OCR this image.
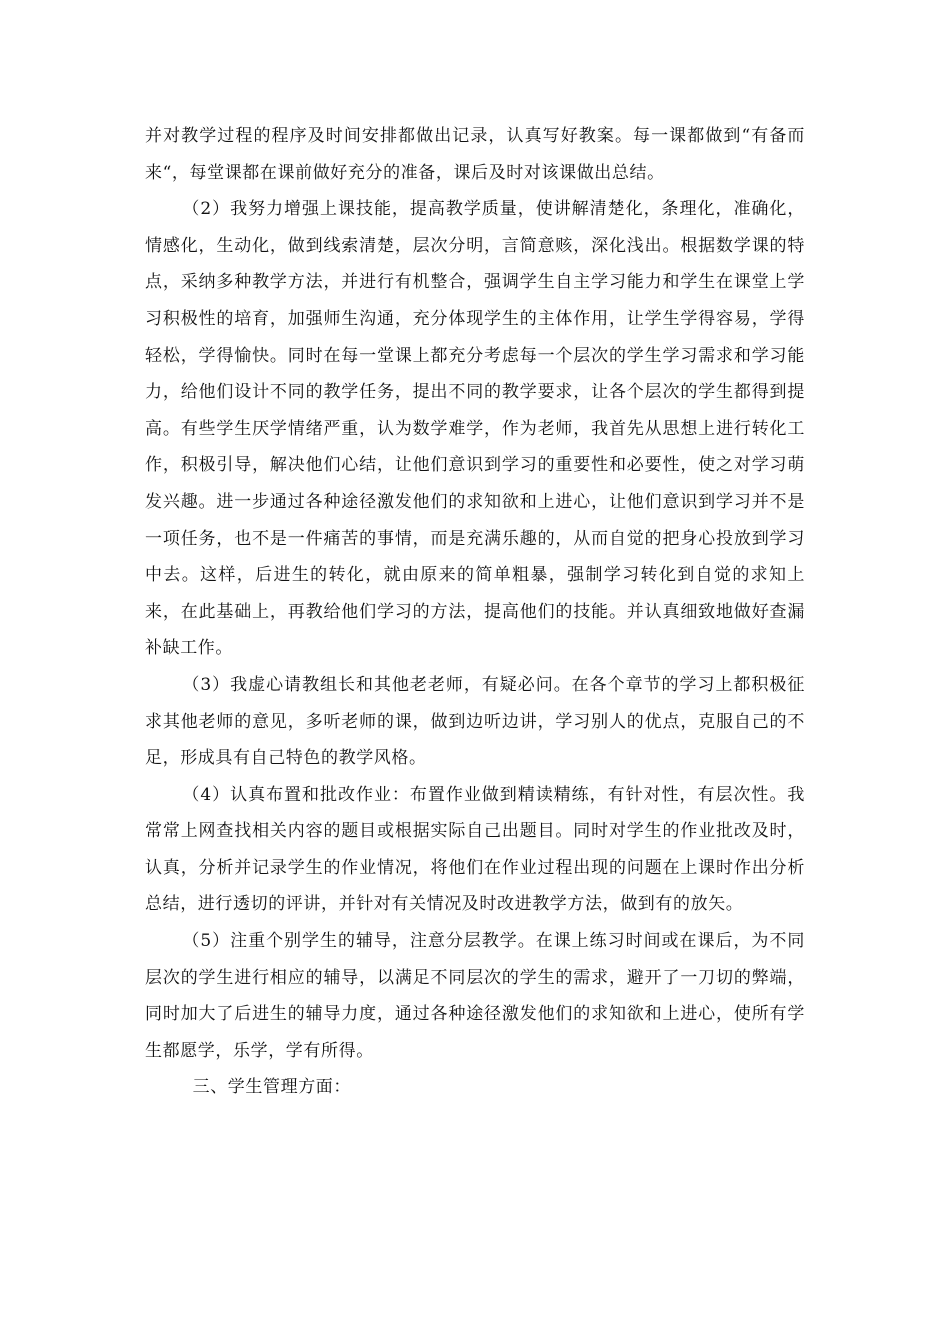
并对教学过程的程序及时间安排都做出记录，认真写好教案。每一课都做到“有备而来“，每堂课都在课前做好充分的准备，课后及时对该课做出总结。

（2）我努力增强上课技能，提高教学质量，使讲解清楚化，条理化，准确化，情感化，生动化，做到线索清楚，层次分明，言简意赅，深化浅出。根据数学课的特点，采纳多种教学方法，并进行有机整合，强调学生自主学习能力和学生在课堂上学习积极性的培育，加强师生沟通，充分体现学生的主体作用，让学生学得容易，学得轻松，学得愉快。同时在每一堂课上都充分考虑每一个层次的学生学习需求和学习能力，给他们设计不同的教学任务，提出不同的教学要求，让各个层次的学生都得到提高。有些学生厌学情绪严重，认为数学难学，作为老师，我首先从思想上进行转化工作，积极引导，解决他们心结，让他们意识到学习的重要性和必要性，使之对学习萌发兴趣。进一步通过各种途径激发他们的求知欲和上进心，让他们意识到学习并不是一项任务，也不是一件痛苦的事情，而是充满乐趣的，从而自觉的把身心投放到学习中去。这样，后进生的转化，就由原来的简单粗暴，强制学习转化到自觉的求知上来，在此基础上，再教给他们学习的方法，提高他们的技能。并认真细致地做好查漏补缺工作。

（3）我虚心请教组长和其他老老师，有疑必问。在各个章节的学习上都积极征求其他老师的意见，多听老师的课，做到边听边讲，学习别人的优点，克服自己的不足，形成具有自己特色的教学风格。

（4）认真布置和批改作业：布置作业做到精读精练，有针对性，有层次性。我常常上网查找相关内容的题目或根据实际自己出题目。同时对学生的作业批改及时，认真，分析并记录学生的作业情况，将他们在作业过程出现的问题在上课时作出分析总结，进行透切的评讲，并针对有关情况及时改进教学方法，做到有的放矢。

（5）注重个别学生的辅导，注意分层教学。在课上练习时间或在课后，为不同层次的学生进行相应的辅导，以满足不同层次的学生的需求，避开了一刀切的弊端，同时加大了后进生的辅导力度，通过各种途径激发他们的求知欲和上进心，使所有学生都愿学，乐学，学有所得。

三、学生管理方面：
